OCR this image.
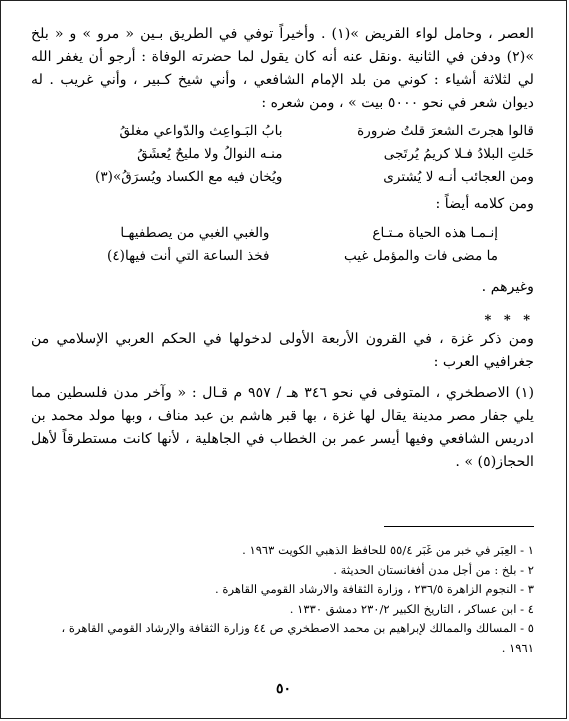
العصر ، وحامل لواء القريض »(١) . وأخيراً توفي في الطريق بـين « مرو » و « بلخ »(٢) ودفن في الثانية .ونقل عنه أنه كان يقول لما حضرته الوفاة : أرجو أن يغفر الله لي لثلاثة أشياء : كوني من بلد الإمام الشافعي ، وأني شيخ كـبير ، وأني غريب . له ديوان شعر في نحو ٥٠٠٠ بيت » ، ومن شعره :

قالوا هجرتَ الشعرَ قلتُ ضرورة
بابُ البَـواعِث والدّواعي مغلقُ
خَلتِ البلادُ فـلا كريمُ يُرتَجى
منـه النوالُ ولا مليحٌ يُعشَقُ
ومن العجائب أنـه لا يُشترى
ويُخان فيه مع الكساد ويُسرَقُ»(٣)

ومن كلامه أيضاً :

إنـمـا هذه الحياة مـتـاع
والغبي الغبي من يصطفيهـا
ما مضى فات والمؤمل غيب
فخذ الساعة التي أنت فيها(٤)

وغيرهم .

* * *

ومن ذكر غزة ، في القرون الأربعة الأولى لدخولها في الحكم العربي الإسلامي من جغرافيي العرب :

(١) الاصطخري ، المتوفى في نحو ٣٤٦ هـ / ٩٥٧ م قـال : « وآخر مدن فلسطين مما يلي جفار مصر مدينة يقال لها غزة ، بها قبر هاشم بن عبد مناف ، وبها مولد محمد بن ادريس الشافعي وفيها أيسر عمر بن الخطاب في الجاهلية ، لأنها كانت مستطرقاً لأهل الحجاز(٥) » .

١ - العِبَر في خبر من غَبَر ٥٥/٤ للحافظ الذهبي الكويت ١٩٦٣ .

٢ - بلخ : من أجل مدن أفغانستان الحديثة .

٣ - النجوم الزاهرة ٢٣٦/٥ ، وزارة الثقافة والارشاد القومي القاهرة .

٤ - ابن عساكر ، التاريخ الكبير ٢٣٠/٢ دمشق ١٣٣٠ .

٥ - المسالك والممالك لإبراهيم بن محمد الاصطخري ص ٤٤ وزارة الثقافة والإرشاد القومي القاهرة ، ١٩٦١ .

٥٠
